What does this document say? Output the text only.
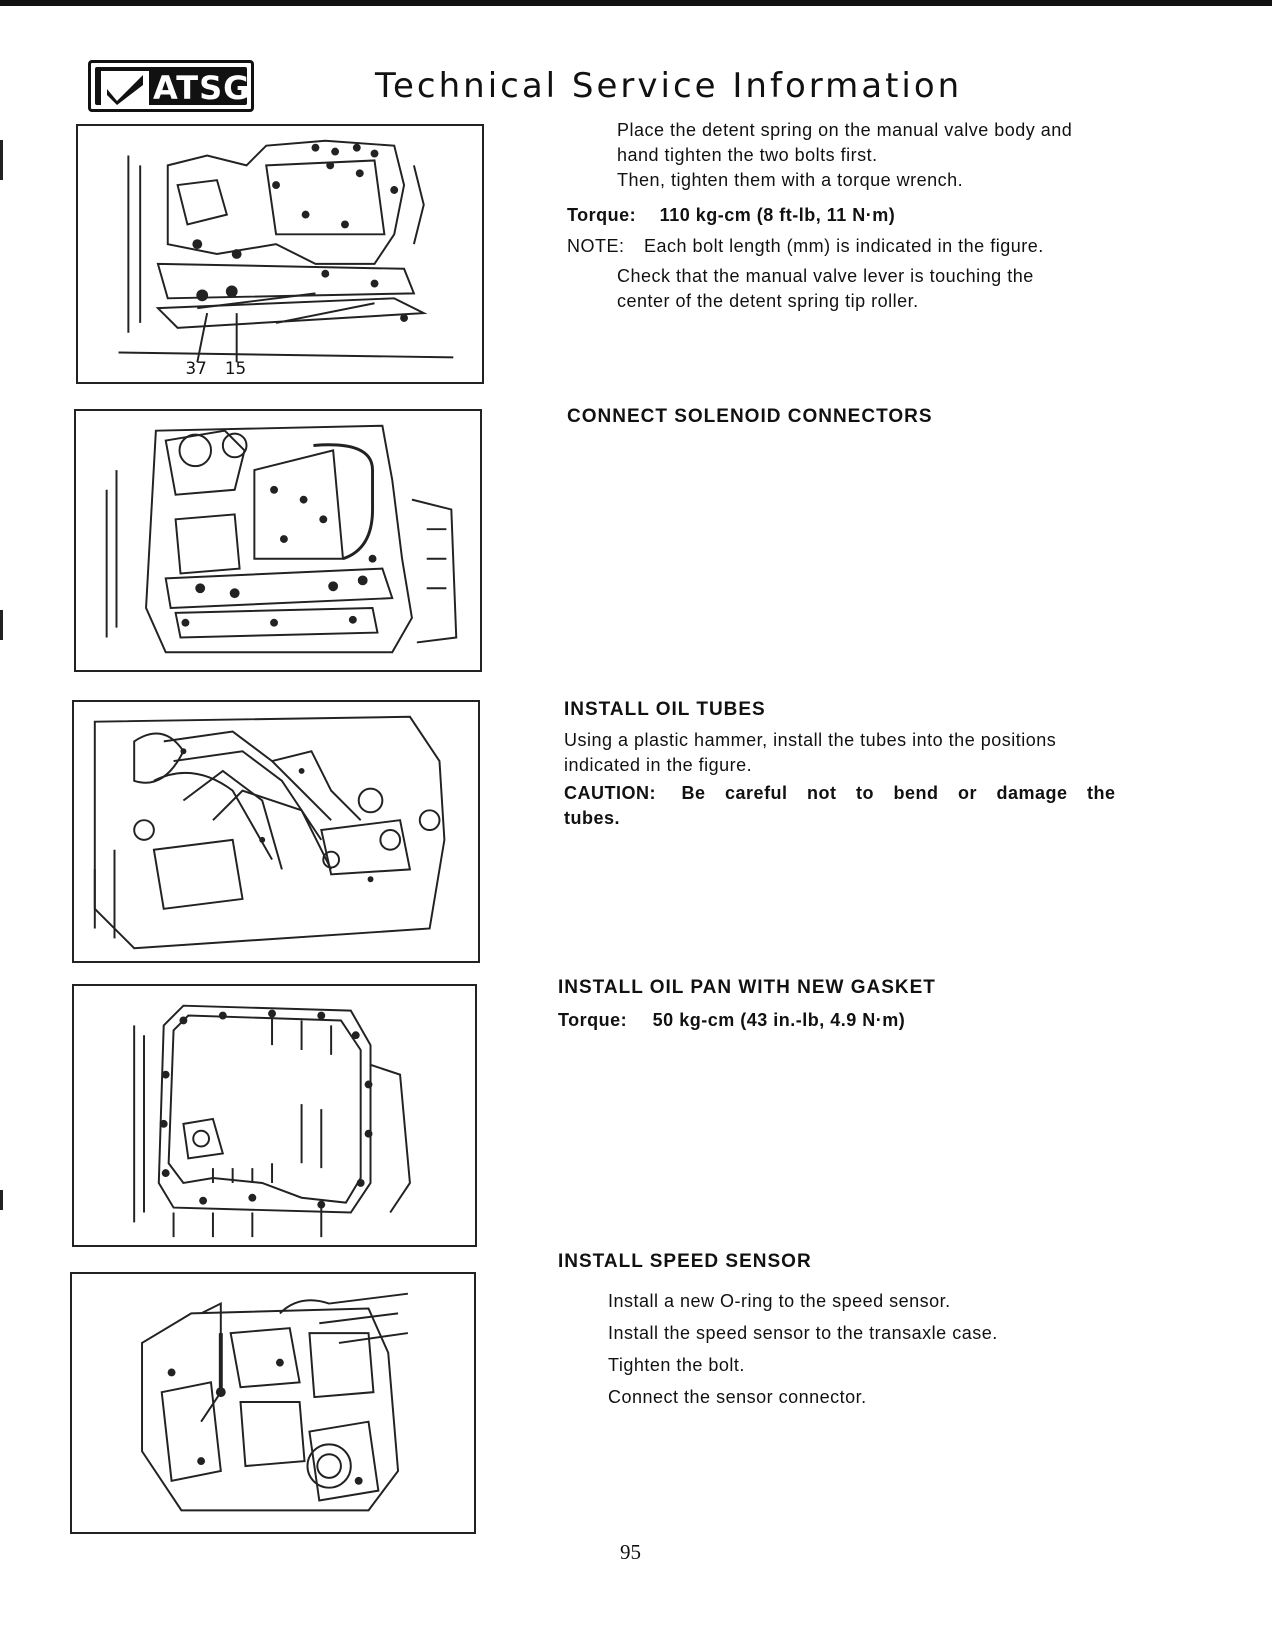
ATSG	Technical Service Information
37 15
Place the detent spring on the manual valve body and
hand tighten the two bolts first.
Then, tighten them with a torque wrench.
Torque: 110 kg-cm (8 ft-lb, 11 N·m)
NOTE: Each bolt length (mm) is indicated in the figure.
Check that the manual valve lever is touching the
center of the detent spring tip roller.
CONNECT SOLENOID CONNECTORS
INSTALL OIL TUBES
Using a plastic hammer, install the tubes into the positions
indicated in the figure.
CAUTION: Be careful not to bend or damage the
tubes.
INSTALL OIL PAN WITH NEW GASKET
Torque: 50 kg-cm (43 in.-lb, 4.9 N·m)
INSTALL SPEED SENSOR
Install a new O-ring to the speed sensor.
Install the speed sensor to the transaxle case.
Tighten the bolt.
Connect the sensor connector.
95
